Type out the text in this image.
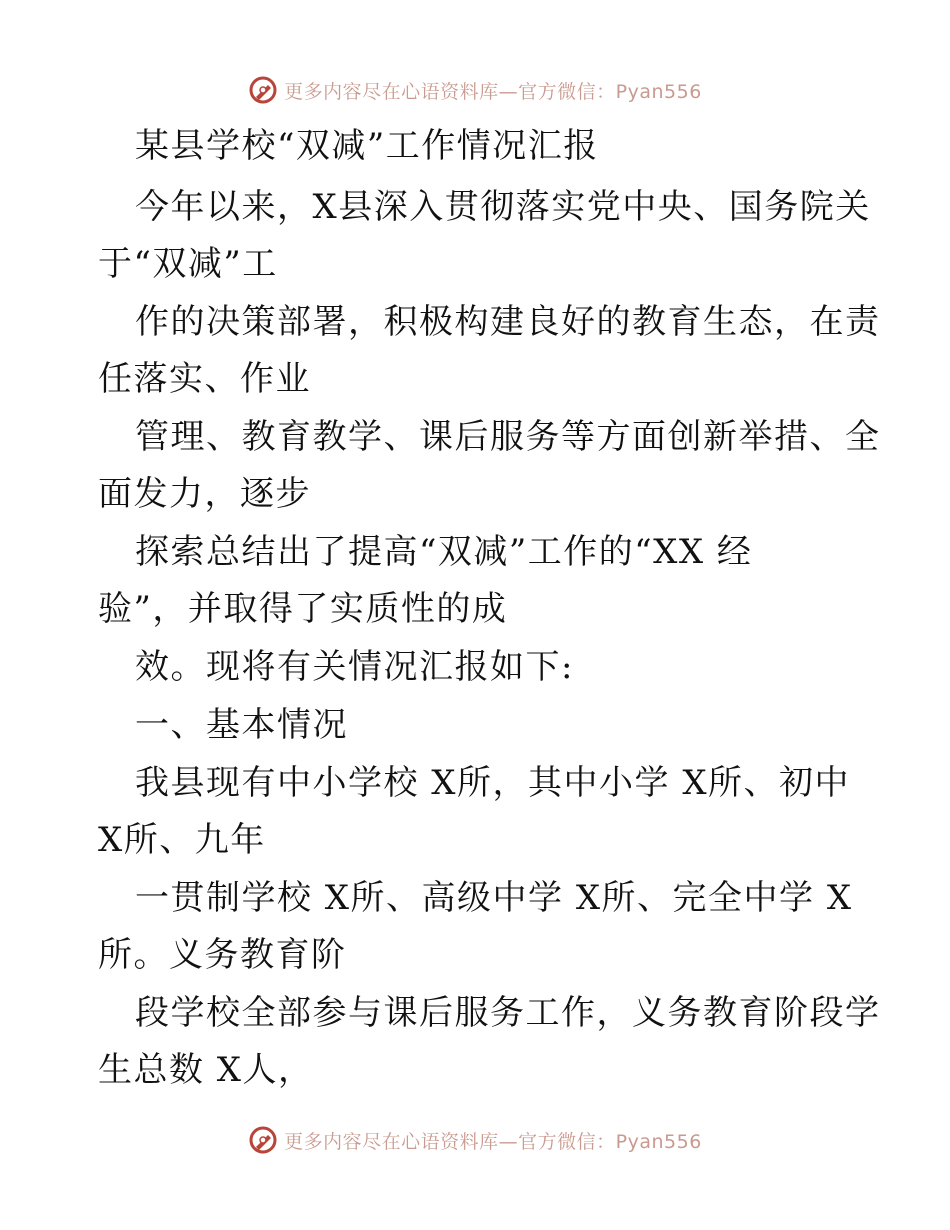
更多内容尽在心语资料库—官方微信：Pyan556
某县学校“双减”工作情况汇报
今年以来，X县深入贯彻落实党中央、国务院关
于“双减”工
作的决策部署，积极构建良好的教育生态，在责
任落实、作业
管理、教育教学、课后服务等方面创新举措、全
面发力，逐步
探索总结出了提高“双减”工作的“XX 经
验”，并取得了实质性的成
效。现将有关情况汇报如下:
一、基本情况
我县现有中小学校 X所，其中小学 X所、初中
X所、九年
一贯制学校 X所、高级中学 X所、完全中学 X
所。义务教育阶
段学校全部参与课后服务工作，义务教育阶段学
生总数 X人，
更多内容尽在心语资料库—官方微信：Pyan556
